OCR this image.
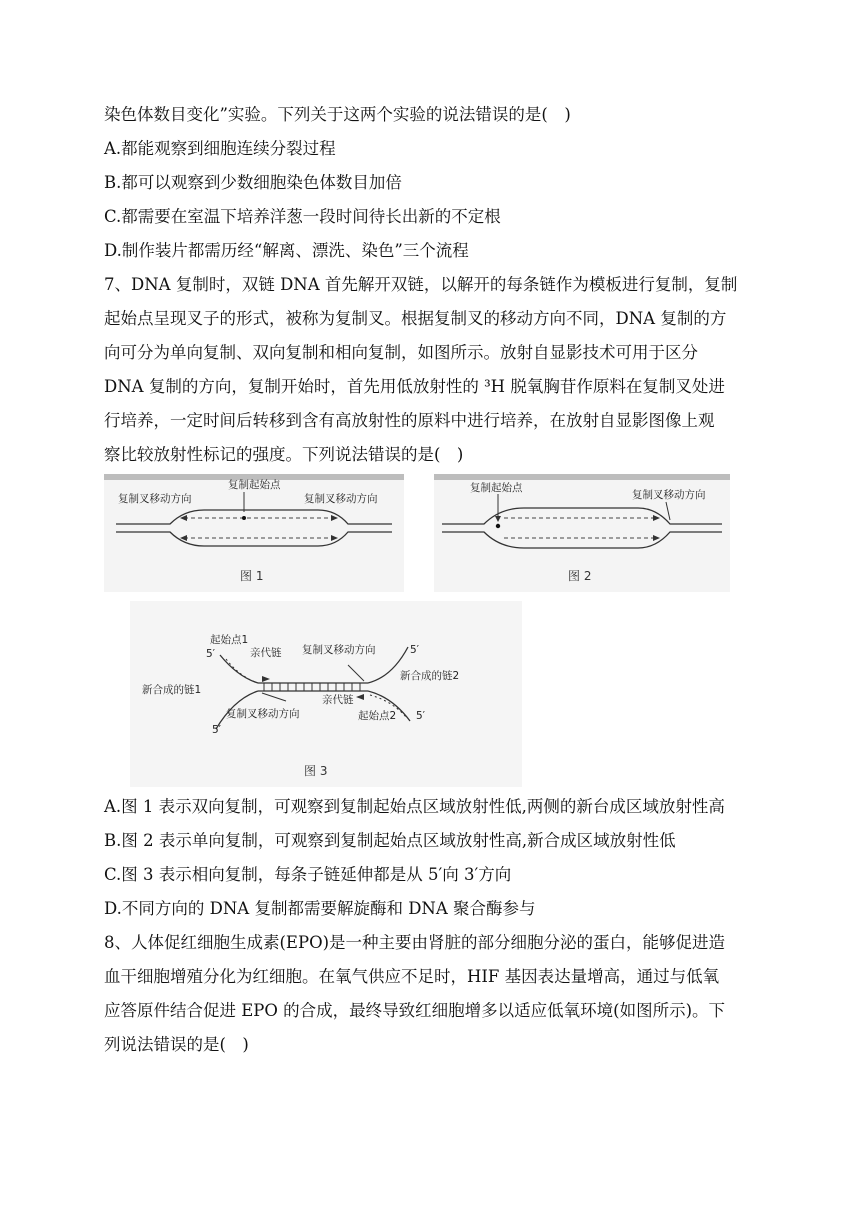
染色体数目变化”实验。下列关于这两个实验的说法错误的是(　)
A.都能观察到细胞连续分裂过程
B.都可以观察到少数细胞染色体数目加倍
C.都需要在室温下培养洋葱一段时间待长出新的不定根
D.制作装片都需历经“解离、漂洗、染色”三个流程
7、DNA 复制时，双链 DNA 首先解开双链，以解开的每条链作为模板进行复制，复制
起始点呈现叉子的形式，被称为复制叉。根据复制叉的移动方向不同，DNA 复制的方
向可分为单向复制、双向复制和相向复制，如图所示。放射自显影技术可用于区分
DNA 复制的方向，复制开始时，首先用低放射性的 ³H 脱氧胸苷作原料在复制叉处进
行培养，一定时间后转移到含有高放射性的原料中进行培养，在放射自显影图像上观
察比较放射性标记的强度。下列说法错误的是(　)
复制起始点
复制叉移动方向	复制叉移动方向
图 1
复制起始点
复制叉移动方向
图 2
起始点1
5′	亲代链 复制叉移动方向	5′
新合成的链1
新合成的链2
亲代链
复制叉移动方向	起始点2 5′
5′
图 3
A.图 1 表示双向复制，可观察到复制起始点区域放射性低,两侧的新台成区域放射性高
B.图 2 表示单向复制，可观察到复制起始点区域放射性高,新合成区域放射性低
C.图 3 表示相向复制，每条子链延伸都是从 5′向 3′方向
D.不同方向的 DNA 复制都需要解旋酶和 DNA 聚合酶参与
8、人体促红细胞生成素(EPO)是一种主要由肾脏的部分细胞分泌的蛋白，能够促进造
血干细胞增殖分化为红细胞。在氧气供应不足时，HIF 基因表达量增高，通过与低氧
应答原件结合促进 EPO 的合成，最终导致红细胞增多以适应低氧环境(如图所示)。下
列说法错误的是(　)
